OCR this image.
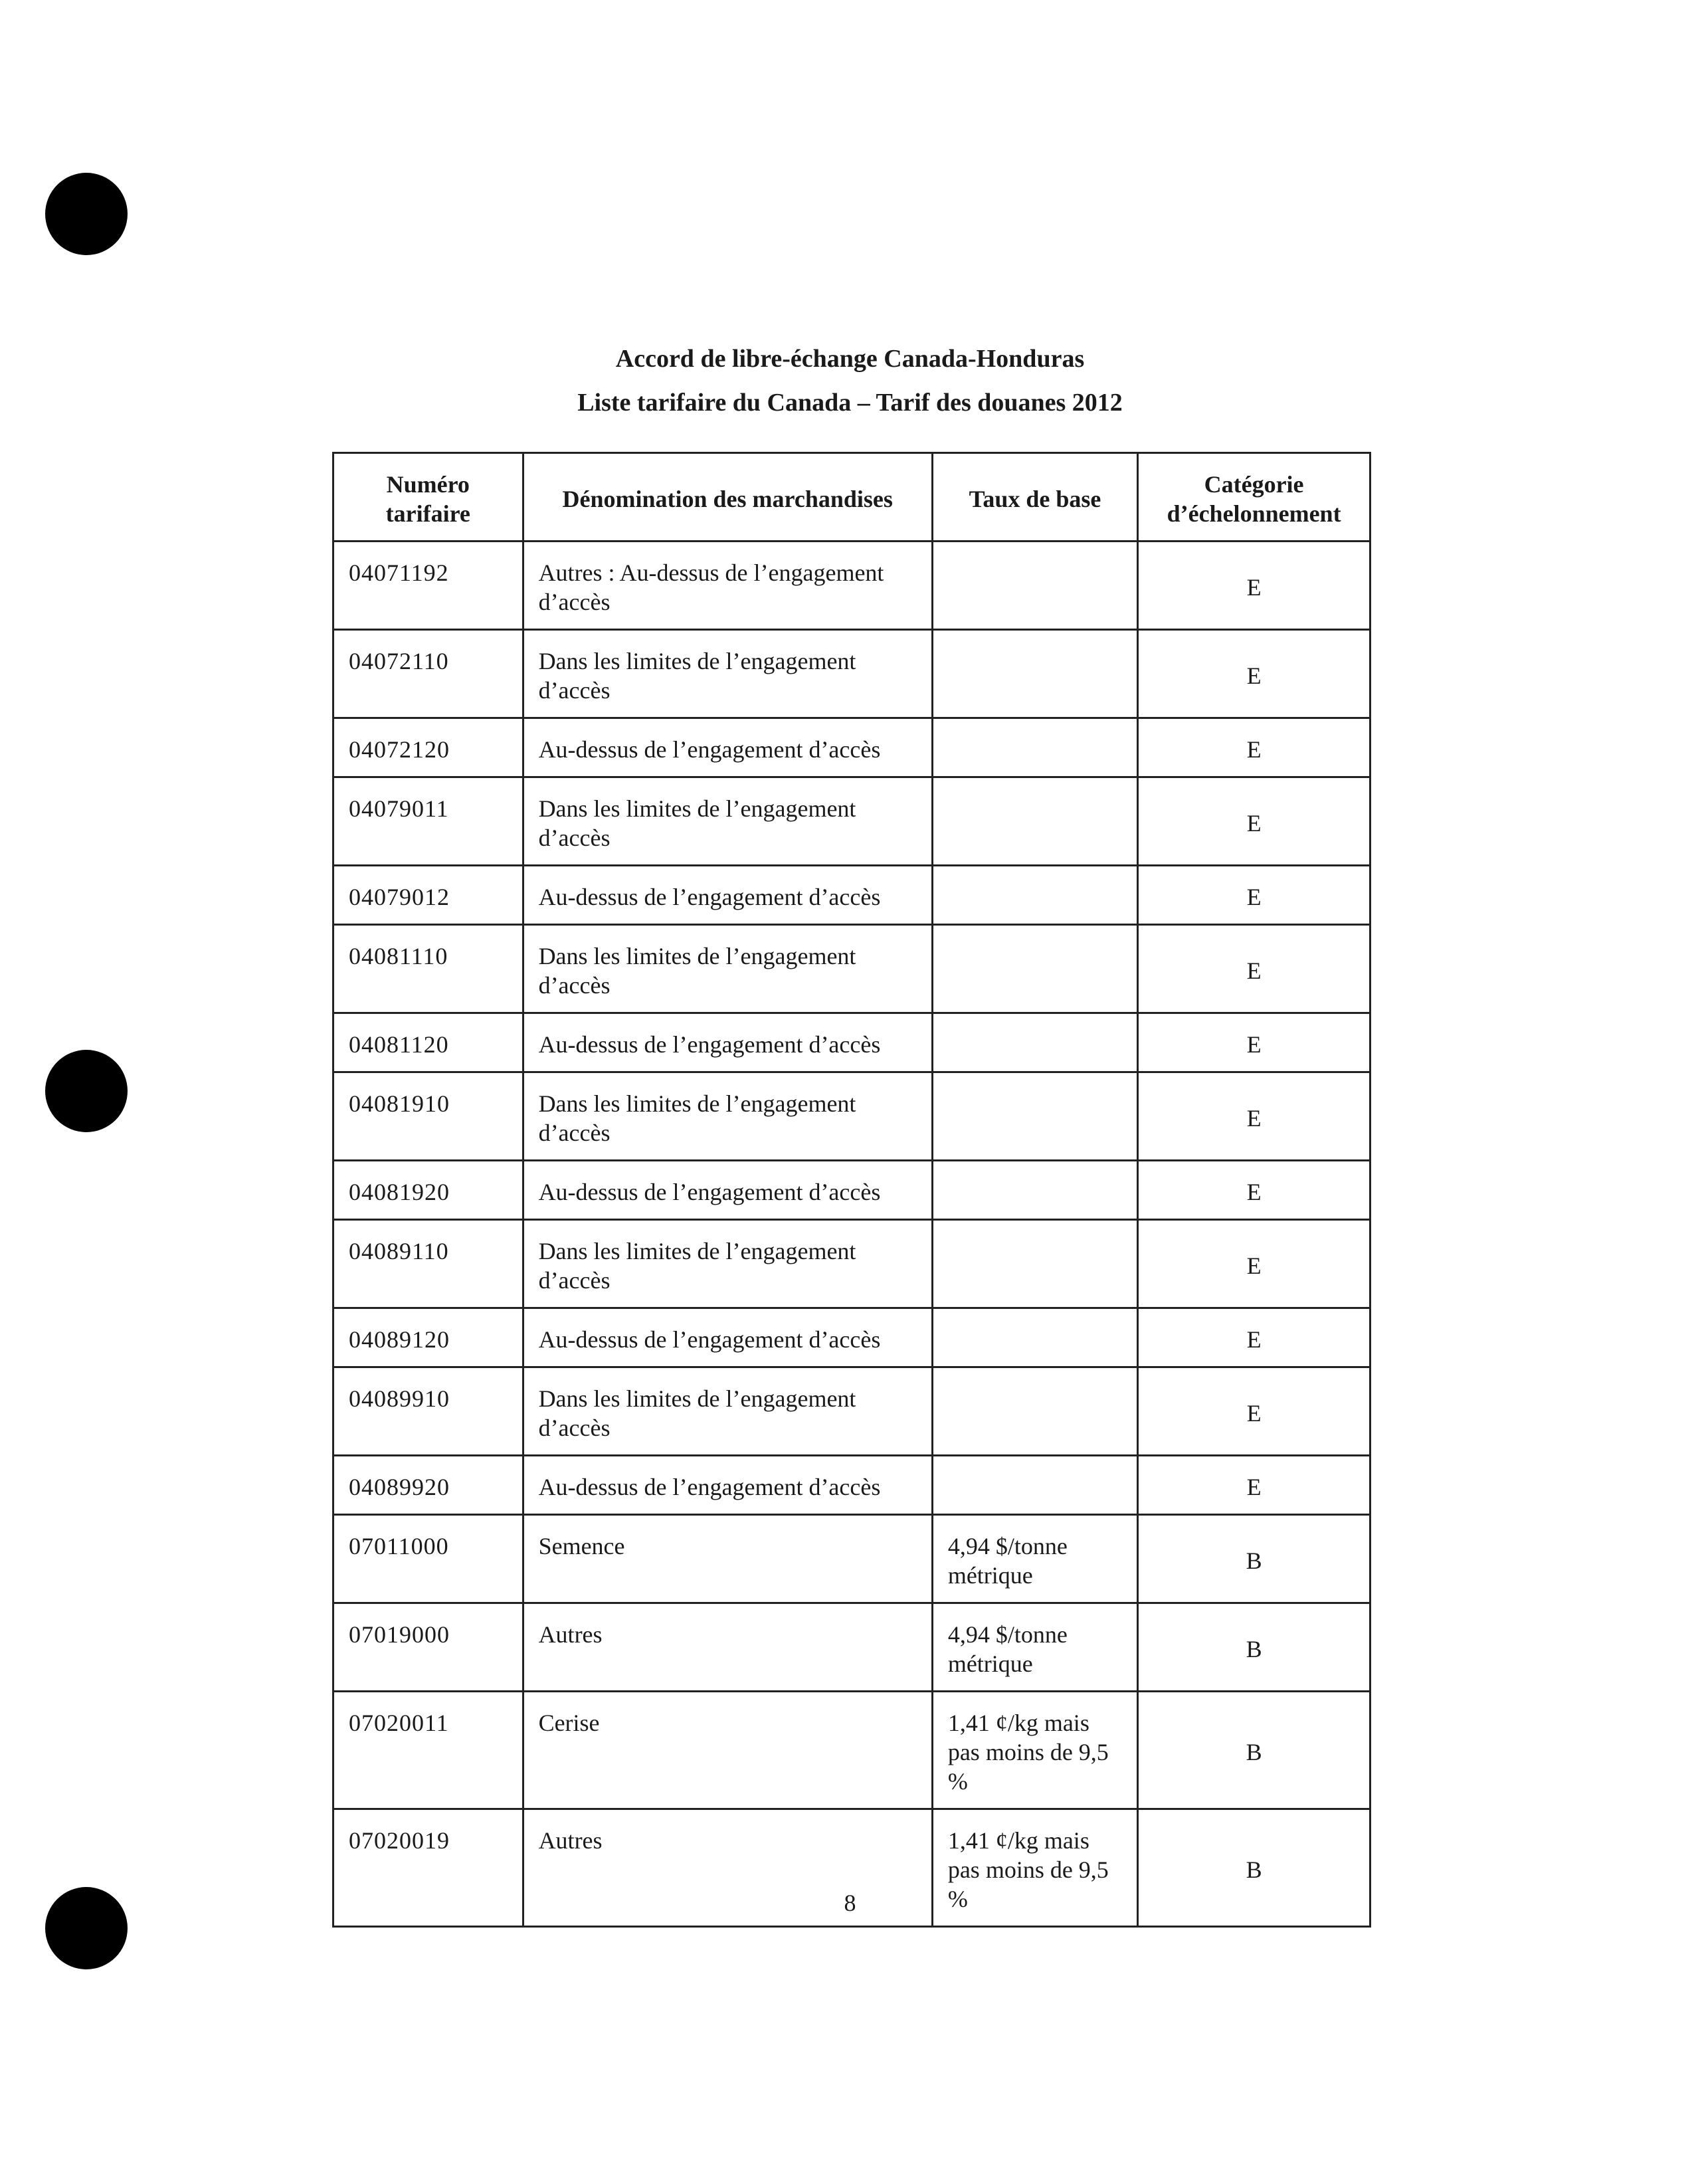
Accord de libre-échange Canada-Honduras
Liste tarifaire du Canada – Tarif des douanes 2012
Numéro tarifaire	Dénomination des marchandises	Taux de base	Catégorie d’échelonnement
04071192	Autres : Au-dessus de l’engagement d’accès		E
04072110	Dans les limites de l’engagement d’accès		E
04072120	Au-dessus de l’engagement d’accès		E
04079011	Dans les limites de l’engagement d’accès		E
04079012	Au-dessus de l’engagement d’accès		E
04081110	Dans les limites de l’engagement d’accès		E
04081120	Au-dessus de l’engagement d’accès		E
04081910	Dans les limites de l’engagement d’accès		E
04081920	Au-dessus de l’engagement d’accès		E
04089110	Dans les limites de l’engagement d’accès		E
04089120	Au-dessus de l’engagement d’accès		E
04089910	Dans les limites de l’engagement d’accès		E
04089920	Au-dessus de l’engagement d’accès		E
07011000	Semence	4,94 $/tonne métrique	B
07019000	Autres	4,94 $/tonne métrique	B
07020011	Cerise	1,41 ¢/kg mais pas moins de 9,5 %	B
07020019	Autres	1,41 ¢/kg mais pas moins de 9,5 %	B
8
